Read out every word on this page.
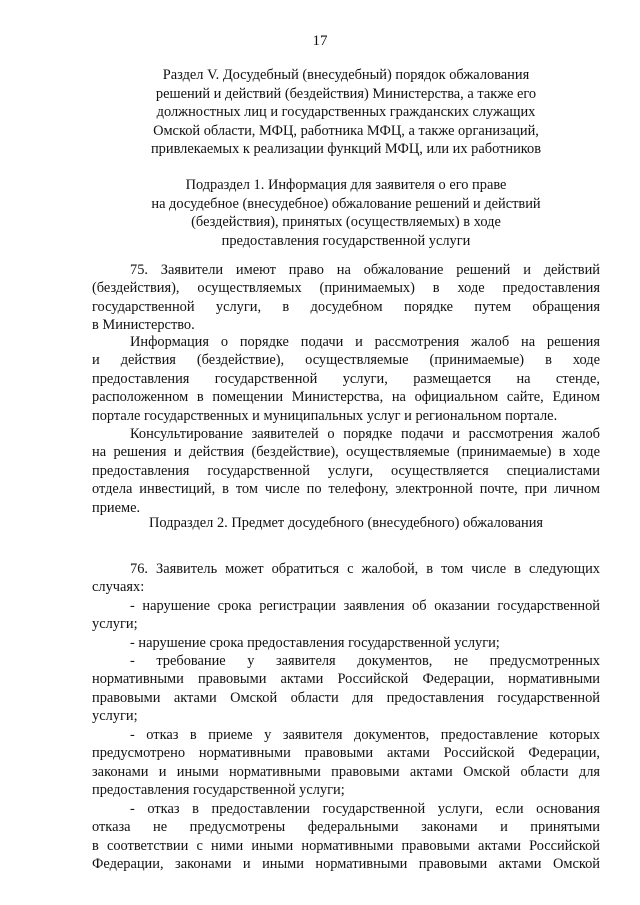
17
Раздел V. Досудебный (внесудебный) порядок обжалования
решений и действий (бездействия) Министерства, а также его
должностных лиц и государственных гражданских служащих
Омской области, МФЦ, работника МФЦ, а также организаций,
привлекаемых к реализации функций МФЦ, или их работников
Подраздел 1. Информация для заявителя о его праве
на досудебное (внесудебное) обжалование решений и действий
(бездействия), принятых (осуществляемых) в ходе
предоставления государственной услуги
75. Заявители имеют право на обжалование решений и действий
(бездействия), осуществляемых (принимаемых) в ходе предоставления
государственной услуги, в досудебном порядке путем обращения
в Министерство.
Информация о порядке подачи и рассмотрения жалоб на решения
и действия (бездействие), осуществляемые (принимаемые) в ходе
предоставления государственной услуги, размещается на стенде,
расположенном в помещении Министерства, на официальном сайте, Едином
портале государственных и муниципальных услуг и региональном портале.
Консультирование заявителей о порядке подачи и рассмотрения жалоб
на решения и действия (бездействие), осуществляемые (принимаемые) в ходе
предоставления государственной услуги, осуществляется специалистами
отдела инвестиций, в том числе по телефону, электронной почте, при личном
приеме.
Подраздел 2. Предмет досудебного (внесудебного) обжалования
76. Заявитель может обратиться с жалобой, в том числе в следующих
случаях:
- нарушение срока регистрации заявления об оказании государственной
услуги;
- нарушение срока предоставления государственной услуги;
- требование у заявителя документов, не предусмотренных
нормативными правовыми актами Российской Федерации, нормативными
правовыми актами Омской области для предоставления государственной
услуги;
- отказ в приеме у заявителя документов, предоставление которых
предусмотрено нормативными правовыми актами Российской Федерации,
законами и иными нормативными правовыми актами Омской области для
предоставления государственной услуги;
- отказ в предоставлении государственной услуги, если основания
отказа не предусмотрены федеральными законами и принятыми
в соответствии с ними иными нормативными правовыми актами Российской
Федерации, законами и иными нормативными правовыми актами Омской
